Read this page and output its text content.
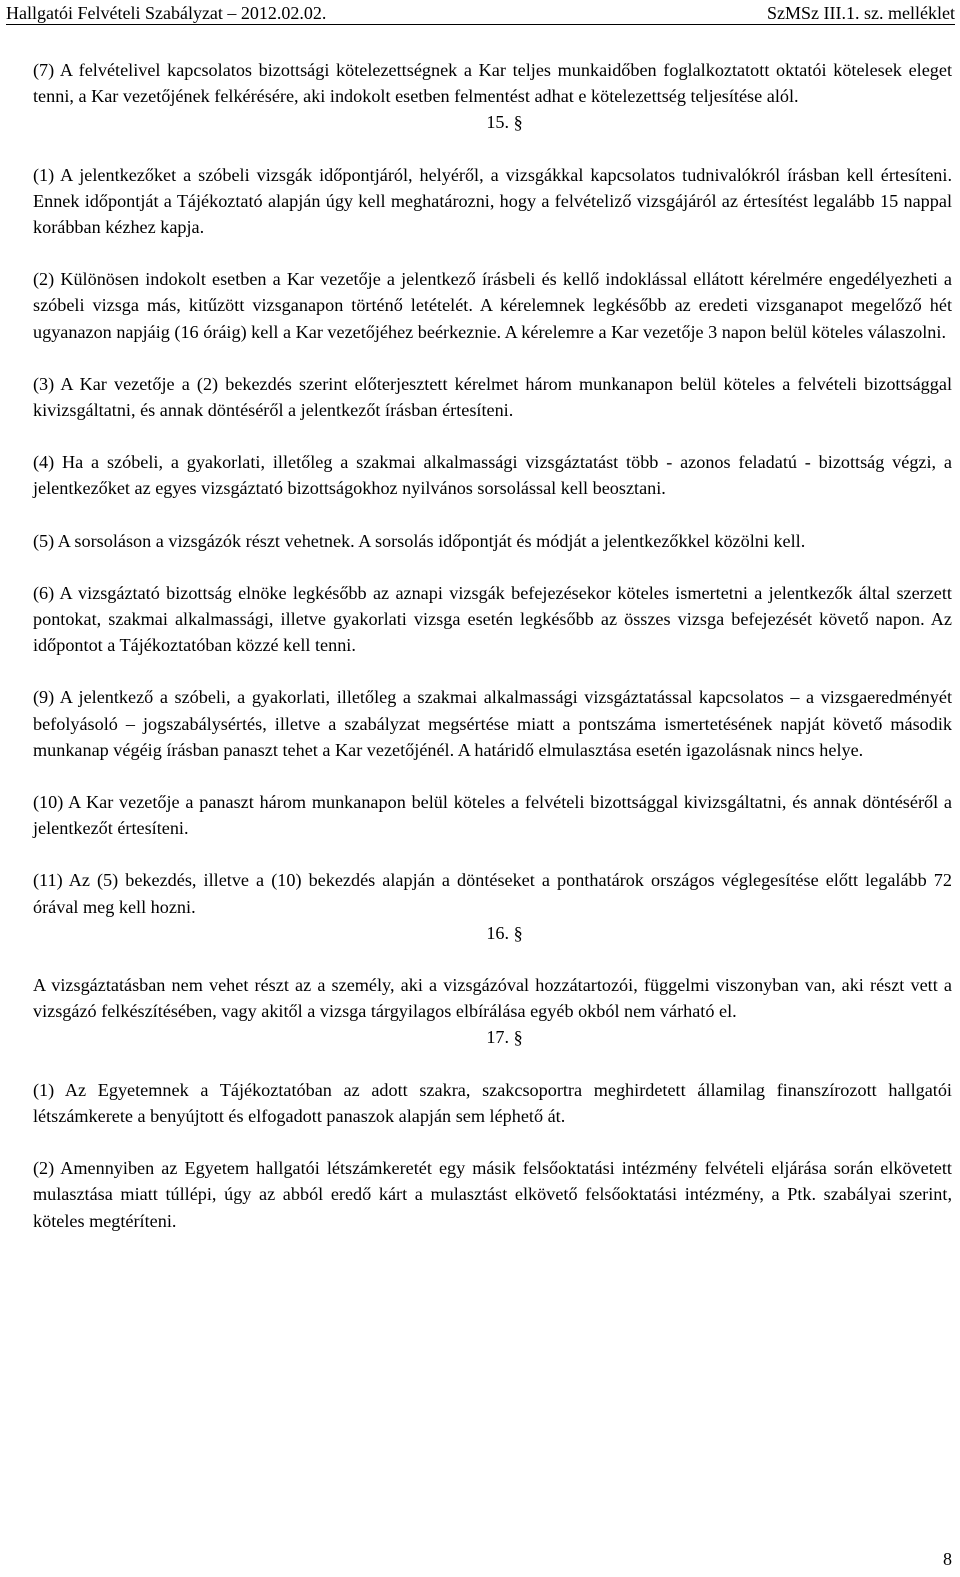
Hallgatói Felvételi Szabályzat – 2012.02.02.	SzMSz III.1. sz. melléklet

(7) A felvételivel kapcsolatos bizottsági kötelezettségnek a Kar teljes munkaidőben foglalkoztatott oktatói kötelesek eleget tenni, a Kar vezetőjének felkérésére, aki indokolt esetben felmentést adhat e kötelezettség teljesítése alól.

15. §

(1) A jelentkezőket a szóbeli vizsgák időpontjáról, helyéről, a vizsgákkal kapcsolatos tudnivalókról írásban kell értesíteni. Ennek időpontját a Tájékoztató alapján úgy kell meghatározni, hogy a felvételiző vizsgájáról az értesítést legalább 15 nappal korábban kézhez kapja.

(2) Különösen indokolt esetben a Kar vezetője a jelentkező írásbeli és kellő indoklással ellátott kérelmére engedélyezheti a szóbeli vizsga más, kitűzött vizsganapon történő letételét. A kérelemnek legkésőbb az eredeti vizsganapot megelőző hét ugyanazon napjáig (16 óráig) kell a Kar vezetőjéhez beérkeznie. A kérelemre a Kar vezetője 3 napon belül köteles válaszolni.

(3) A Kar vezetője a (2) bekezdés szerint előterjesztett kérelmet három munkanapon belül köteles a felvételi bizottsággal kivizsgáltatni, és annak döntéséről a jelentkezőt írásban értesíteni.

(4) Ha a szóbeli, a gyakorlati, illetőleg a szakmai alkalmassági vizsgáztatást több - azonos feladatú - bizottság végzi, a jelentkezőket az egyes vizsgáztató bizottságokhoz nyilvános sorsolással kell beosztani.

(5) A sorsoláson a vizsgázók részt vehetnek. A sorsolás időpontját és módját a jelentkezőkkel közölni kell.

(6) A vizsgáztató bizottság elnöke legkésőbb az aznapi vizsgák befejezésekor köteles ismertetni a jelentkezők által szerzett pontokat, szakmai alkalmassági, illetve gyakorlati vizsga esetén legkésőbb az összes vizsga befejezését követő napon. Az időpontot a Tájékoztatóban közzé kell tenni.

(9) A jelentkező a szóbeli, a gyakorlati, illetőleg a szakmai alkalmassági vizsgáztatással kapcsolatos – a vizsgaeredményét befolyásoló – jogszabálysértés, illetve a szabályzat megsértése miatt a pontszáma ismertetésének napját követő második munkanap végéig írásban panaszt tehet a Kar vezetőjénél. A határidő elmulasztása esetén igazolásnak nincs helye.

(10) A Kar vezetője a panaszt három munkanapon belül köteles a felvételi bizottsággal kivizsgáltatni, és annak döntéséről a jelentkezőt értesíteni.

(11) Az (5) bekezdés, illetve a (10) bekezdés alapján a döntéseket a ponthatárok országos véglegesítése előtt legalább 72 órával meg kell hozni.

16. §

A vizsgáztatásban nem vehet részt az a személy, aki a vizsgázóval hozzátartozói, függelmi viszonyban van, aki részt vett a vizsgázó felkészítésében, vagy akitől a vizsga tárgyilagos elbírálása egyéb okból nem várható el.

17. §

(1) Az Egyetemnek a Tájékoztatóban az adott szakra, szakcsoportra meghirdetett államilag finanszírozott hallgatói létszámkerete a benyújtott és elfogadott panaszok alapján sem léphető át.

(2) Amennyiben az Egyetem hallgatói létszámkeretét egy másik felsőoktatási intézmény felvételi eljárása során elkövetett mulasztása miatt túllépi, úgy az abból eredő kárt a mulasztást elkövető felsőoktatási intézmény, a Ptk. szabályai szerint, köteles megtéríteni.

8
